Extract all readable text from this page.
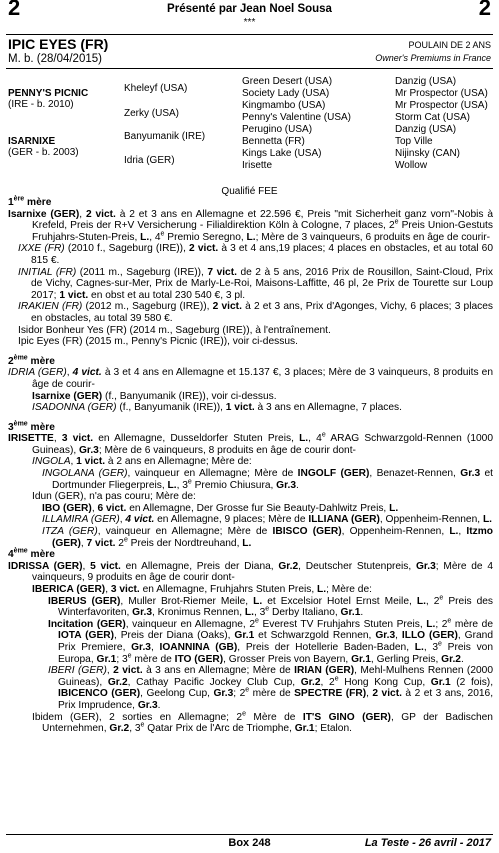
2	2
Présenté par Jean Noel Sousa
***
IPIC EYES (FR)
M. b. (28/04/2015)
POULAIN DE 2 ANS
Owner's Premiums in France
PENNY'S PICNIC
(IRE - b. 2010)
ISARNIXE
(GER - b. 2003)
Kheleyf (USA)
Zerky (USA)
Banyumanik (IRE)
Idria (GER)
Green Desert (USA)
Society Lady (USA)
Kingmambo (USA)
Penny's Valentine (USA)
Perugino (USA)
Bennetta (FR)
Kings Lake (USA)
Irisette
Danzig (USA)
Mr Prospector (USA)
Mr Prospector (USA)
Storm Cat (USA)
Danzig (USA)
Top Ville
Nijinsky (CAN)
Wollow
Qualifié FEE

1ère mère

Isarnixe (GER), 2 vict. à 2 et 3 ans en Allemagne et 22.596 €, Preis "mit Sicherheit ganz vorn"-Nobis à Krefeld, Preis der R+V Versicherung - Filialdirektion Köln à Cologne, 7 places, 2e Preis Union-Gestuts Fruhjahrs-Stuten-Preis, L., 4e Premio Seregno, L.; Mère de 3 vainqueurs, 6 produits en âge de courir-

IXXE (FR) (2010 f., Sageburg (IRE)), 2 vict. à 3 et 4 ans,19 places; 4 places en obstacles, et au total 60 815 €.

INITIAL (FR) (2011 m., Sageburg (IRE)), 7 vict. de 2 à 5 ans, 2016 Prix de Rousillon, Saint-Cloud, Prix de Vichy, Cagnes-sur-Mer, Prix de Marly-Le-Roi, Maisons-Laffitte, 46 pl, 2e Prix de Tourette sur Loup 2017; 1 vict. en obst et au total 230 540 €, 3 pl.

IRAKIEN (FR) (2012 m., Sageburg (IRE)), 2 vict. à 2 et 3 ans, Prix d'Agonges, Vichy, 6 places; 3 places en obstacles, au total 39 580 €.

Isidor Bonheur Yes (FR) (2014 m., Sageburg (IRE)), à l'entraînement.

Ipic Eyes (FR) (2015 m., Penny's Picnic (IRE)), voir ci-dessus.

2ème mère

IDRIA (GER), 4 vict. à 3 et 4 ans en Allemagne et 15.137 €, 3 places; Mère de 3 vainqueurs, 8 produits en âge de courir-

Isarnixe (GER) (f., Banyumanik (IRE)), voir ci-dessus.

ISADONNA (GER) (f., Banyumanik (IRE)), 1 vict. à 3 ans en Allemagne, 7 places.

3ème mère

IRISETTE, 3 vict. en Allemagne, Dusseldorfer Stuten Preis, L., 4e ARAG Schwarzgold-Rennen (1000 Guineas), Gr.3; Mère de 6 vainqueurs, 8 produits en âge de courir dont-

INGOLA, 1 vict. à 2 ans en Allemagne; Mère de:

INGOLANA (GER), vainqueur en Allemagne; Mère de INGOLF (GER), Benazet-Rennen, Gr.3 et Dortmunder Fliegerpreis, L., 3e Premio Chiusura, Gr.3.

Idun (GER), n'a pas couru; Mère de:

IBO (GER), 6 vict. en Allemagne, Der Grosse fur Sie Beauty-Dahlwitz Preis, L.

ILLAMIRA (GER), 4 vict. en Allemagne, 9 places; Mère de ILLIANA (GER), Oppenheim-Rennen, L.

ITZA (GER), vainqueur en Allemagne; Mère de IBISCO (GER), Oppenheim-Rennen, L., Itzmo (GER), 7 vict. 2e Preis der Nordtreuhand, L.

4ème mère

IDRISSA (GER), 5 vict. en Allemagne, Preis der Diana, Gr.2, Deutscher Stutenpreis, Gr.3; Mère de 4 vainqueurs, 9 produits en âge de courir dont-

IBERICA (GER), 3 vict. en Allemagne, Fruhjahrs Stuten Preis, L.; Mère de:

IBERUS (GER), Muller Brot-Riemer Meile, L. et Excelsior Hotel Ernst Meile, L., 2e Preis des Winterfavoriten, Gr.3, Kronimus Rennen, L., 3e Derby Italiano, Gr.1.

Incitation (GER), vainqueur en Allemagne, 2e Everest TV Fruhjahrs Stuten Preis, L.; 2e mère de IOTA (GER), Preis der Diana (Oaks), Gr.1 et Schwarzgold Rennen, Gr.3, ILLO (GER), Grand Prix Premiere, Gr.3, IOANNINA (GB), Preis der Hotellerie Baden-Baden, L., 3e Preis von Europa, Gr.1; 3e mère de ITO (GER), Grosser Preis von Bayern, Gr.1, Gerling Preis, Gr.2.

IBERI (GER), 2 vict. à 3 ans en Allemagne; Mère de IRIAN (GER), Mehl-Mulhens Rennen (2000 Guineas), Gr.2, Cathay Pacific Jockey Club Cup, Gr.2, 2e Hong Kong Cup, Gr.1 (2 fois), IBICENCO (GER), Geelong Cup, Gr.3; 2e mère de SPECTRE (FR), 2 vict. à 2 et 3 ans, 2016, Prix Imprudence, Gr.3.

Ibidem (GER), 2 sorties en Allemagne; 2e Mère de IT'S GINO (GER), GP der Badischen Unternehmen, Gr.2, 3e Qatar Prix de l'Arc de Triomphe, Gr.1; Etalon.

Box 248	La Teste - 26 avril - 2017
